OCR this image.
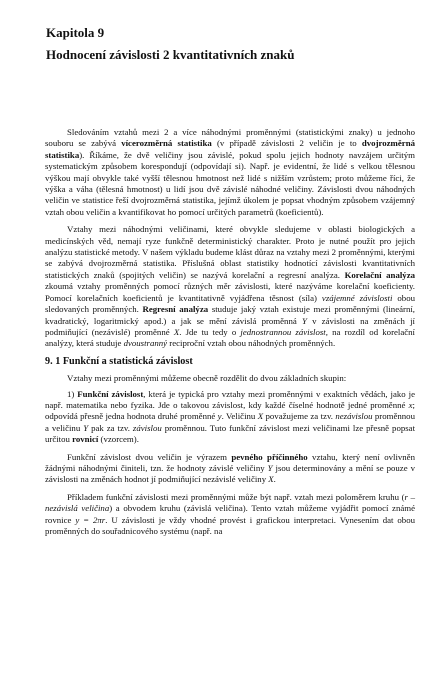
Kapitola 9
Hodnocení závislosti 2 kvantitativních znaků

Sledováním vztahů mezi 2 a více náhodnými proměnnými (statistickými znaky) u jednoho souboru se zabývá vícerozměrná statistika (v případě závislosti 2 veličin je to dvojrozměrná statistika). Říkáme, že dvě veličiny jsou závislé, pokud spolu jejich hodnoty navzájem určitým systematickým způsobem korespondují (odpovídají si). Např. je evidentní, že lidé s velkou tělesnou výškou mají obvykle také vyšší tělesnou hmotnost než lidé s nižším vzrůstem; proto můžeme říci, že výška a váha (tělesná hmotnost) u lidí jsou dvě závislé náhodné veličiny. Závislosti dvou náhodných veličin ve statistice řeší dvojrozměrná statistika, jejímž úkolem je popsat vhodným způsobem vzájemný vztah obou veličin a kvantifikovat ho pomocí určitých parametrů (koeficientů).

Vztahy mezi náhodnými veličinami, které obvykle sledujeme v oblasti biologických a medicínských věd, nemají ryze funkčně deterministický charakter. Proto je nutné použít pro jejich analýzu statistické metody. V našem výkladu budeme klást důraz na vztahy mezi 2 proměnnými, kterými se zabývá dvojrozměrná statistika. Příslušná oblast statistiky hodnotící závislosti kvantitativních statistických znaků (spojitých veličin) se nazývá korelační a regresní analýza. Korelační analýza zkoumá vztahy proměnných pomocí různých měr závislosti, které nazýváme korelační koeficienty. Pomocí korelačních koeficientů je kvantitativně vyjádřena těsnost (síla) vzájemné závislosti obou sledovaných proměnných. Regresní analýza studuje jaký vztah existuje mezi proměnnými (lineární, kvadratický, logaritmický apod.) a jak se mění závislá proměnná Y v závislosti na změnách jí podmiňující (nezávislé) proměnné X. Jde tu tedy o jednostrannou závislost, na rozdíl od korelační analýzy, která studuje dvoustranný reciproční vztah obou náhodných proměnných.

9. 1 Funkční a statistická závislost

Vztahy mezi proměnnými můžeme obecně rozdělit do dvou základních skupin:

1) Funkční závislost, která je typická pro vztahy mezi proměnnými v exaktních vědách, jako je např. matematika nebo fyzika. Jde o takovou závislost, kdy každé číselné hodnotě jedné proměnné x; odpovídá přesně jedna hodnota druhé proměnné y. Veličinu X považujeme za tzv. nezávislou proměnnou a veličinu Y pak za tzv. závislou proměnnou. Tuto funkční závislost mezi veličinami lze přesně popsat určitou rovnicí (vzorcem).

Funkční závislost dvou veličin je výrazem pevného příčinného vztahu, který není ovlivněn žádnými náhodnými činiteli, tzn. že hodnoty závislé veličiny Y jsou determinovány a mění se pouze v závislosti na změnách hodnot jí podmiňující nezávislé veličiny X.

Příkladem funkční závislosti mezi proměnnými může být např. vztah mezi poloměrem kruhu (r – nezávislá veličina) a obvodem kruhu (závislá veličina). Tento vztah můžeme vyjádřit pomocí známé rovnice y = 2πr. U závislosti je vždy vhodné provést i grafickou interpretaci. Vynesením dat obou proměnných do souřadnicového systému (např. na
